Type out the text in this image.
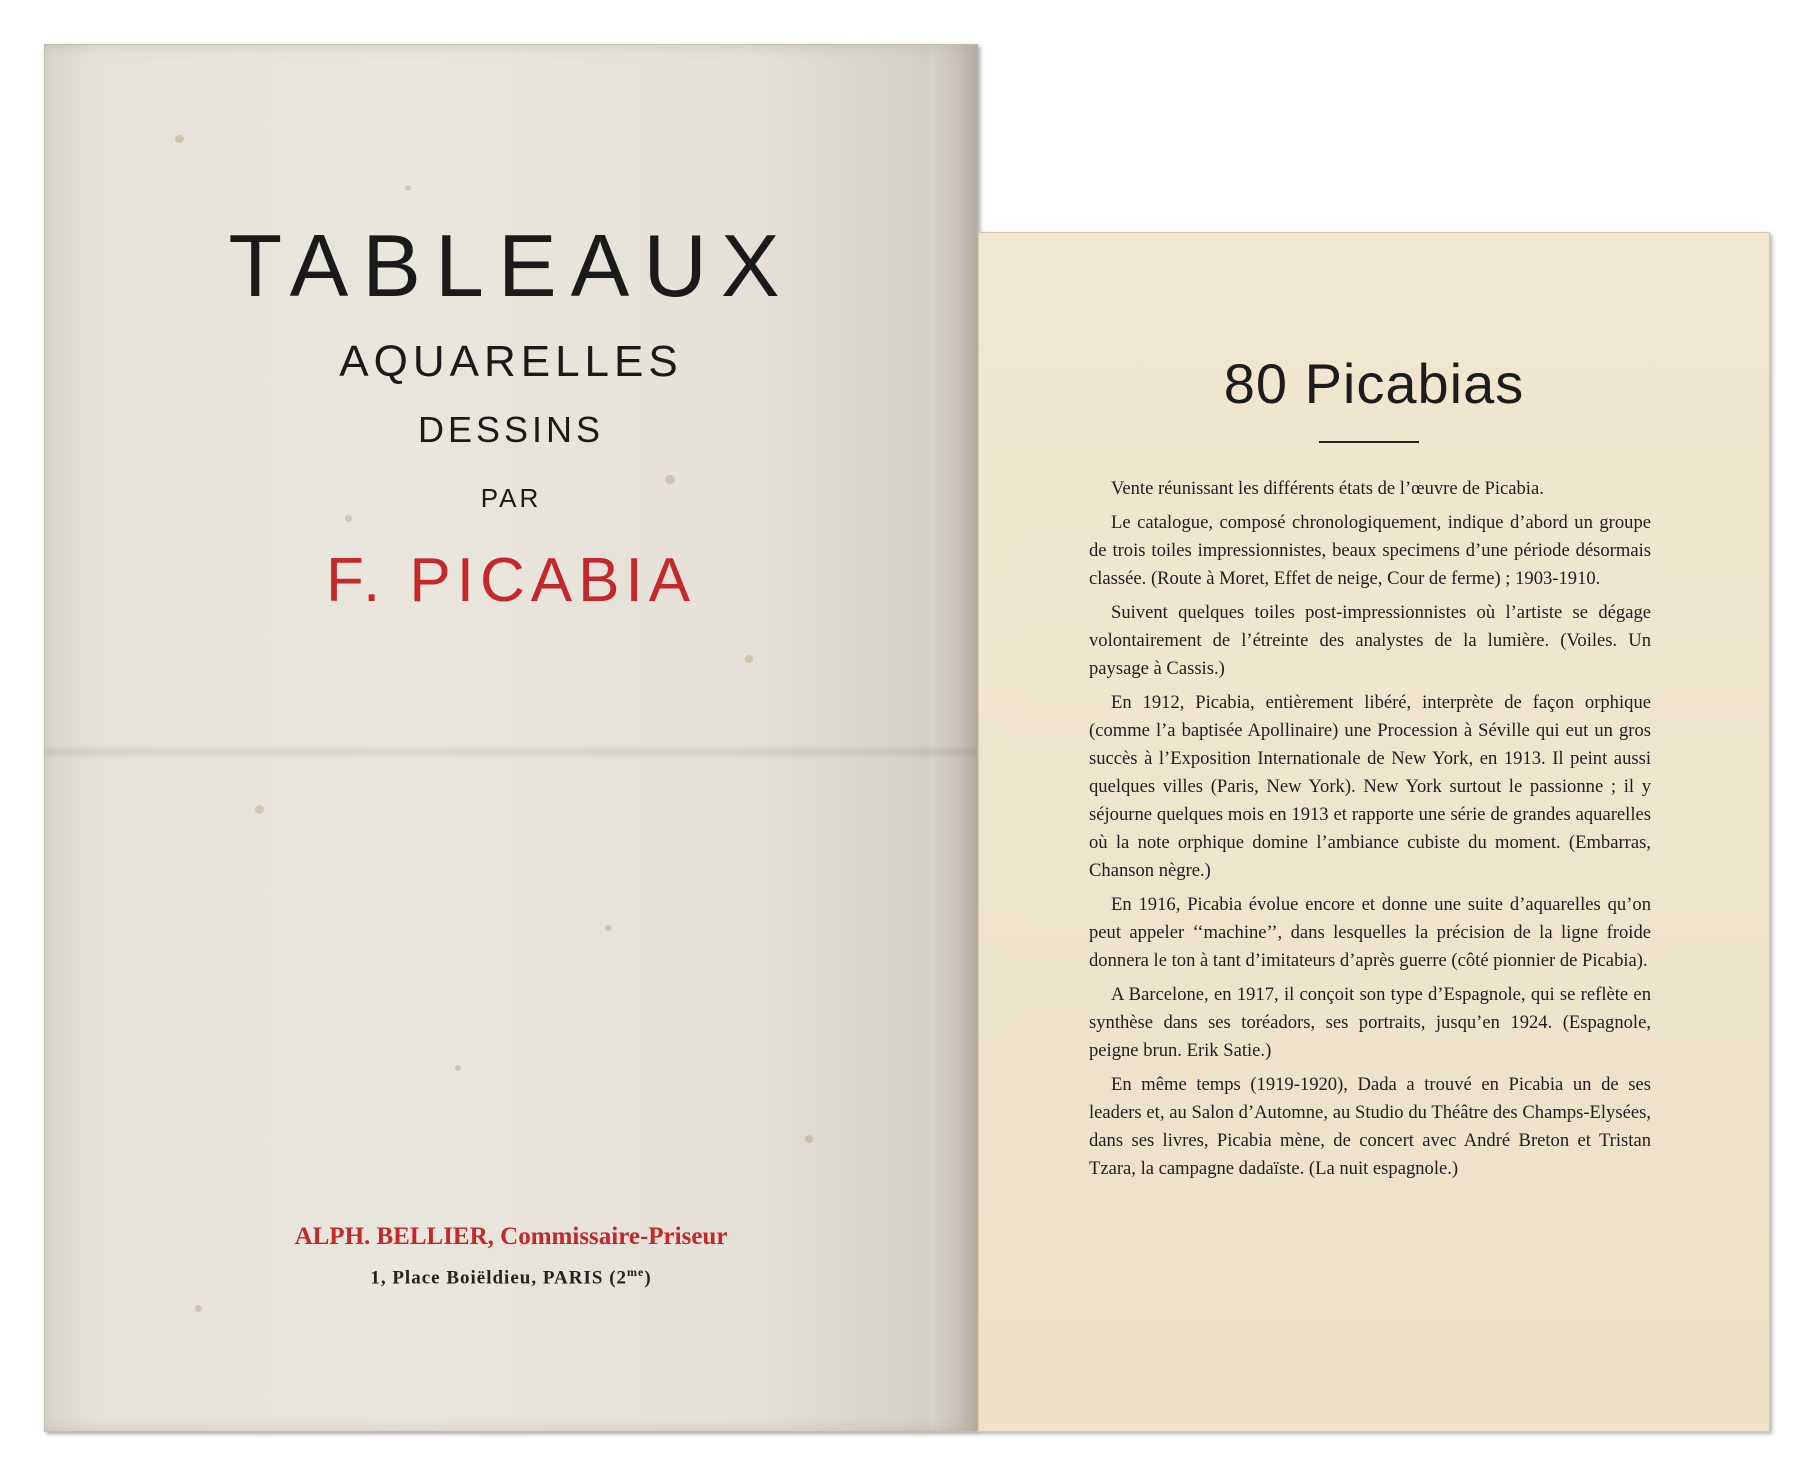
TABLEAUX
AQUARELLES
DESSINS
PAR
F. PICABIA
ALPH. BELLIER, Commissaire-Priseur
1, Place Boiëldieu, PARIS $(2^{me})$
80 Picabias

Vente réunissant les différents états de l’œuvre de Picabia.

Le catalogue, composé chronologiquement, indique d’abord un groupe de trois toiles impressionnistes, beaux specimens d’une période désormais classée. (Route à Moret, Effet de neige, Cour de ferme) ; 1903-1910.

Suivent quelques toiles post-impressionnistes où l’artiste se dégage volontairement de l’étreinte des analystes de la lumière. (Voiles. Un paysage à Cassis.)

En 1912, Picabia, entièrement libéré, interprète de façon orphique (comme l’a baptisée Apollinaire) une Procession à Séville qui eut un gros succès à l’Exposition Internationale de New York, en 1913. Il peint aussi quelques villes (Paris, New York). New York surtout le passionne ; il y séjourne quelques mois en 1913 et rapporte une série de grandes aquarelles où la note orphique domine l’ambiance cubiste du moment. (Embarras, Chanson nègre.)

En 1916, Picabia évolue encore et donne une suite d’aquarelles qu’on peut appeler ‘‘machine’’, dans lesquelles la précision de la ligne froide donnera le ton à tant d’imitateurs d’après guerre (côté pionnier de Picabia).

A Barcelone, en 1917, il conçoit son type d’Espagnole, qui se reflète en synthèse dans ses toréadors, ses portraits, jusqu’en 1924. (Espagnole, peigne brun. Erik Satie.)

En même temps (1919-1920), Dada a trouvé en Picabia un de ses leaders et, au Salon d’Automne, au Studio du Théâtre des Champs-Elysées, dans ses livres, Picabia mène, de concert avec André Breton et Tristan Tzara, la campagne dadaïste. (La nuit espagnole.)
